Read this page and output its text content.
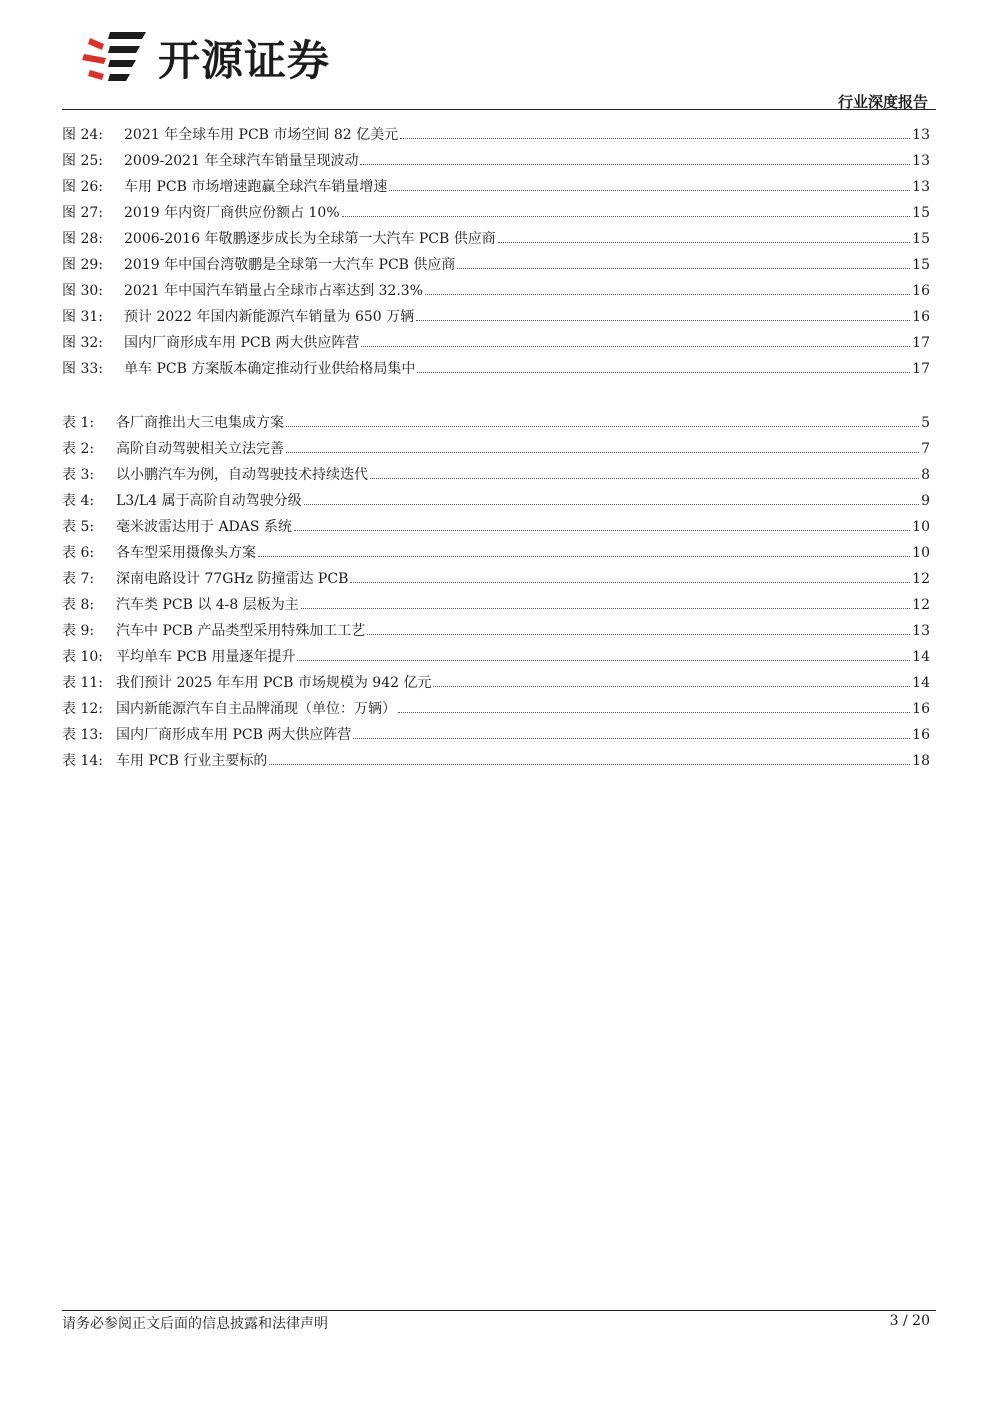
开源证券
行业深度报告
图 24:	2021 年全球车用 PCB 市场空间 82 亿美元	13
图 25:	2009-2021 年全球汽车销量呈现波动	13
图 26:	车用 PCB 市场增速跑赢全球汽车销量增速	13
图 27:	2019 年内资厂商供应份额占 10%	15
图 28:	2006-2016 年敬鹏逐步成长为全球第一大汽车 PCB 供应商	15
图 29:	2019 年中国台湾敬鹏是全球第一大汽车 PCB 供应商	15
图 30:	2021 年中国汽车销量占全球市占率达到 32.3%	16
图 31:	预计 2022 年国内新能源汽车销量为 650 万辆	16
图 32:	国内厂商形成车用 PCB 两大供应阵营	17
图 33:	单车 PCB 方案版本确定推动行业供给格局集中	17
表 1:	各厂商推出大三电集成方案	5
表 2:	高阶自动驾驶相关立法完善	7
表 3:	以小鹏汽车为例，自动驾驶技术持续迭代	8
表 4:	L3/L4 属于高阶自动驾驶分级	9
表 5:	毫米波雷达用于 ADAS 系统	10
表 6:	各车型采用摄像头方案	10
表 7:	深南电路设计 77GHz 防撞雷达 PCB	12
表 8:	汽车类 PCB 以 4-8 层板为主	12
表 9:	汽车中 PCB 产品类型采用特殊加工工艺	13
表 10: 平均单车 PCB 用量逐年提升	14
表 11: 我们预计 2025 年车用 PCB 市场规模为 942 亿元	14
表 12: 国内新能源汽车自主品牌涌现（单位：万辆）	16
表 13: 国内厂商形成车用 PCB 两大供应阵营	16
表 14: 车用 PCB 行业主要标的	18
请务必参阅正文后面的信息披露和法律声明	3 / 20
